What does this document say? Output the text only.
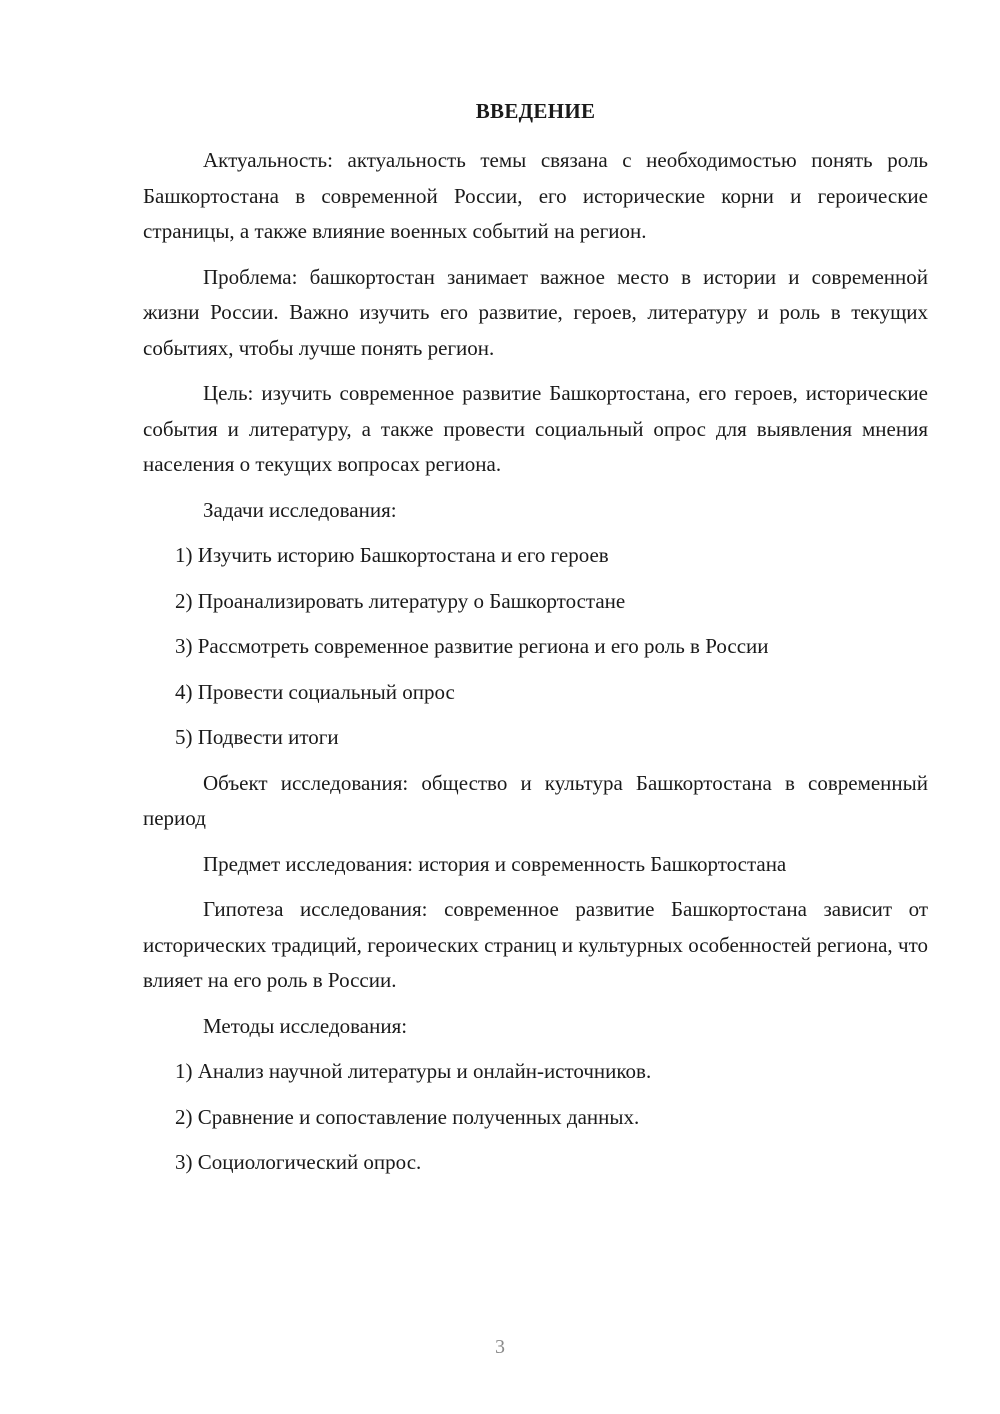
ВВЕДЕНИЕ

Актуальность: актуальность темы связана с необходимостью понять роль Башкортостана в современной России, его исторические корни и героические страницы, а также влияние военных событий на регион.

Проблема: башкортостан занимает важное место в истории и современной жизни России. Важно изучить его развитие, героев, литературу и роль в текущих событиях, чтобы лучше понять регион.

Цель: изучить современное развитие Башкортостана, его героев, исторические события и литературу, а также провести социальный опрос для выявления мнения населения о текущих вопросах региона.

Задачи исследования:

1) Изучить историю Башкортостана и его героев

2) Проанализировать литературу о Башкортостане

3) Рассмотреть современное развитие региона и его роль в России

4) Провести социальный опрос

5) Подвести итоги

Объект исследования: общество и культура Башкортостана в современный период

Предмет исследования: история и современность Башкортостана

Гипотеза исследования: современное развитие Башкортостана зависит от исторических традиций, героических страниц и культурных особенностей региона, что влияет на его роль в России.

Методы исследования:

1) Анализ научной литературы и онлайн-источников.

2) Сравнение и сопоставление полученных данных.

3) Социологический опрос.

3
